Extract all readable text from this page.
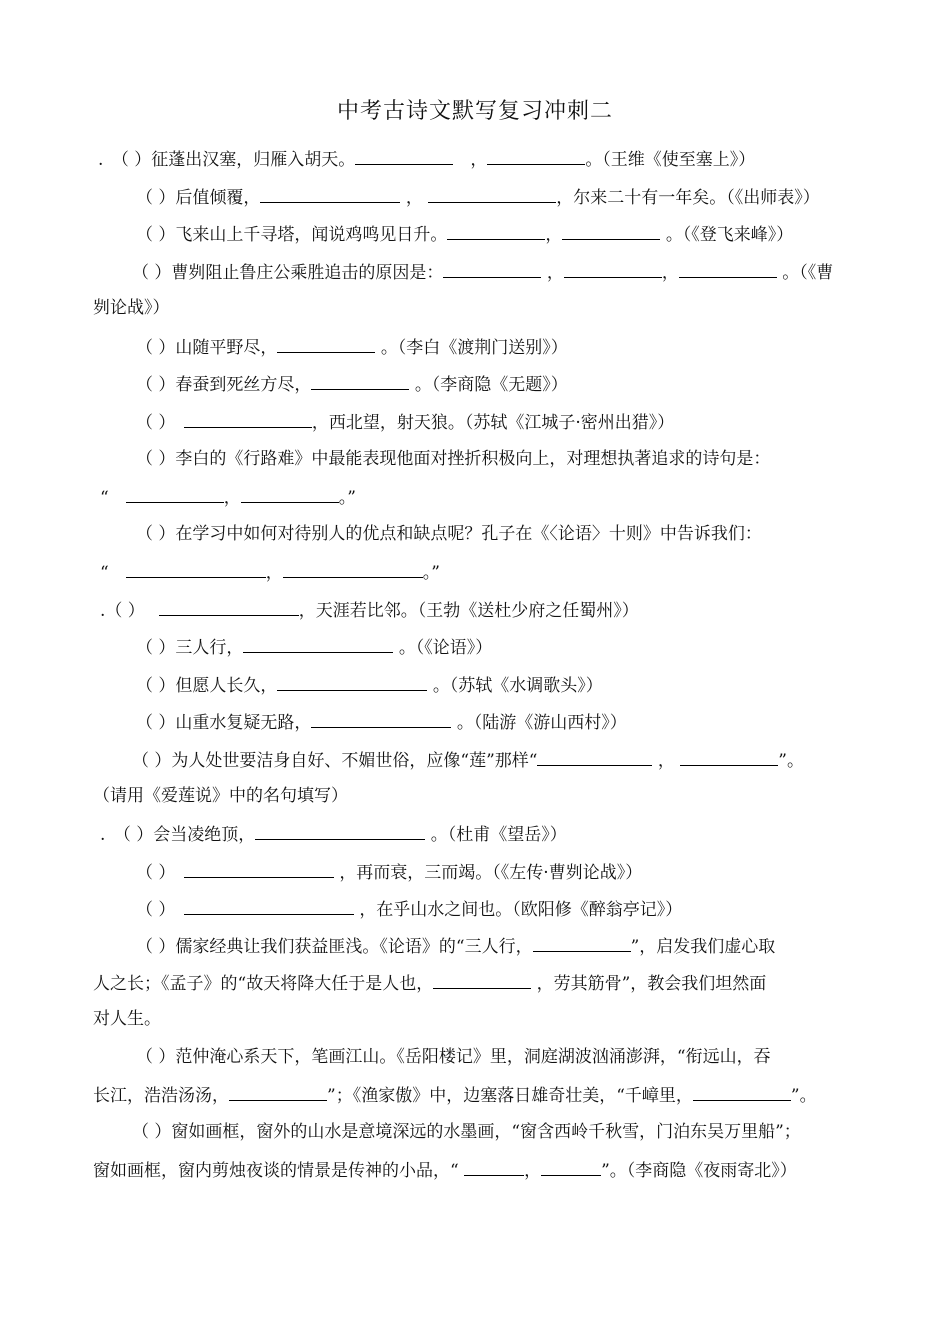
中考古诗文默写复习冲刺二
.　（ ）征蓬出汉塞，归雁入胡天。　	，	。（王维《使至塞上》）
（ ）后值倾覆，	，	，尔来二十有一年矣。（《出师表》）
（ ）飞来山上千寻塔，闻说鸡鸣见日升。	，	。（《登飞来峰》）
（ ）曹刿阻止鲁庄公乘胜追击的原因是：	，	，	。（《曹
刿论战》）
（ ）山随平野尽，	。（李白《渡荆门送别》）
（ ）春蚕到死丝方尽，	。（李商隐《无题》）
（ ）　	，西北望，射天狼。（苏轼《江城子·密州出猎》）
（ ）李白的《行路难》中最能表现他面对挫折积极向上，对理想执著追求的诗句是：
“　	，	。”
（ ）在学习中如何对待别人的优点和缺点呢？孔子在《〈论语〉十则》中告诉我们：
“　	，	。”
.（ ）　	，天涯若比邻。（王勃《送杜少府之任蜀州》）
（ ）三人行，	。（《论语》）
（ ）但愿人长久，	。（苏轼《水调歌头》）
（ ）山重水复疑无路，	。（陆游《游山西村》）
（ ）为人处世要洁身自好、不媚世俗，应像“莲”那样“	，	”。
（请用《爱莲说》中的名句填写）
.　（ ）会当凌绝顶，	。（杜甫《望岳》）
（ ）　	，再而衰，三而竭。（《左传·曹刿论战》）
（ ）　	，在乎山水之间也。（欧阳修《醉翁亭记》）
（ ）儒家经典让我们获益匪浅。《论语》的“三人行，	”，启发我们虚心取
人之长；《孟子》的“故天将降大任于是人也，	，劳其筋骨”，教会我们坦然面
对人生。
（ ）范仲淹心系天下，笔画江山。《岳阳楼记》里，洞庭湖波汹涌澎湃，“衔远山，吞
长江，浩浩汤汤，	”；《渔家傲》中，边塞落日雄奇壮美，“千嶂里，	”。
（ ）窗如画框，窗外的山水是意境深远的水墨画，“窗含西岭千秋雪，门泊东吴万里船”；
窗如画框，窗内剪烛夜谈的情景是传神的小品，“	，	”。（李商隐《夜雨寄北》）
